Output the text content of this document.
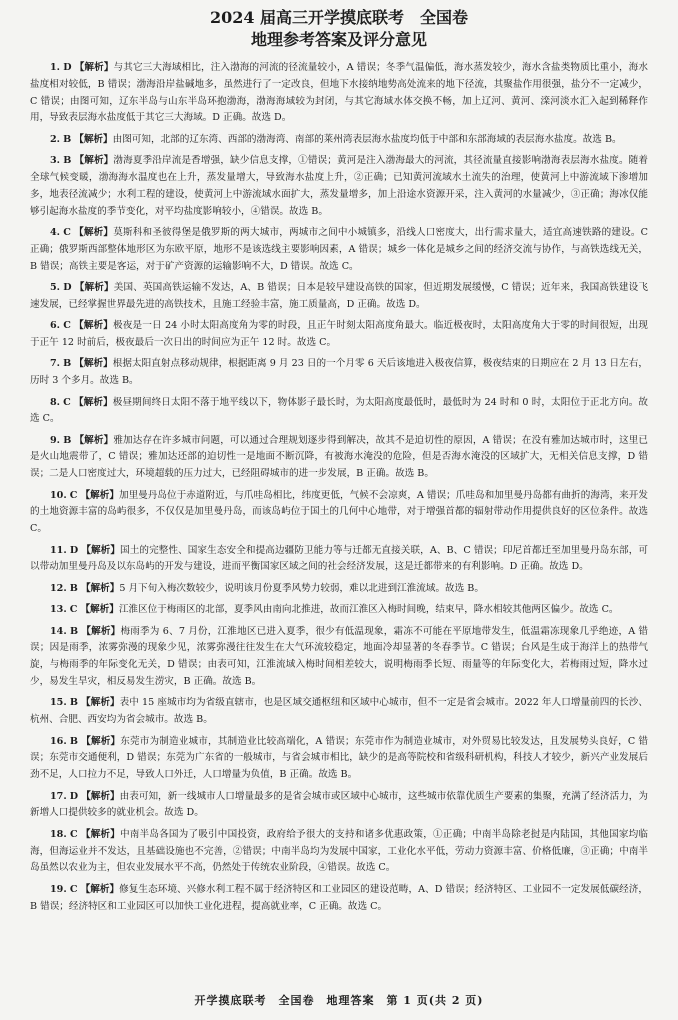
2024 届高三开学摸底联考　全国卷
地理参考答案及评分意见
1. D 【解析】与其它三大海域相比，注入渤海的河流的径流量较小，A 错误；冬季气温偏低，海水蒸发较少，海水含盐类物质比重小，海水盐度相对较低，B 错误；渤海沿岸盐碱地多，虽然进行了一定改良，但地下水接纳地势高处流来的地下径流，其聚盐作用很强，盐分不一定减少，C 错误；由图可知，辽东半岛与山东半岛环抱渤海，渤海海域较为封闭，与其它海域水体交换不畅，加上辽河、黄河、滦河淡水汇入起到稀释作用，导致表层海水盐度低于其它三大海域。D 正确。故选 D。
2. B 【解析】由图可知，北部的辽东湾、西部的渤海湾、南部的莱州湾表层海水盐度均低于中部和东部海域的表层海水盐度。故选 B。
3. B 【解析】渤海夏季沿岸流是香增强，缺少信息支撑，①错误；黄河是注入渤海最大的河流，其径流量直接影响渤海表层海水盐度。随着全球气候变暖，渤海海水温度也在上升，蒸发量增大，导致海水盐度上升，②正确；已知黄河流域水土流失的治理，使黄河上中游流域下渗增加多，地表径流减少；水利工程的建设，使黄河上中游流域水面扩大，蒸发量增多，加上沿途水资源开采，注入黄河的水量减少，③正确；海冰仅能够引起海水盐度的季节变化，对平均盐度影响较小，④错误。故选 B。
4. C 【解析】莫斯科和圣彼得堡是俄罗斯的两大城市，两城市之间中小城镇多，沿线人口密度大，出行需求量大，适宜高速铁路的建设。C 正确；俄罗斯西部整体地形区为东欧平原，地形不是该选线主要影响因素，A 错误；城乡一体化是城乡之间的经济交流与协作，与高铁选线无关，B 错误；高铁主要是客运，对于矿产资源的运输影响不大，D 错误。故选 C。
5. D 【解析】美国、英国高铁运输不发达，A、B 错误；日本是较早建设高铁的国家，但近期发展缓慢，C 错误；近年来，我国高铁建设飞速发展，已经掌握世界最先进的高铁技术，且施工经验丰富，施工质量高，D 正确。故选 D。
6. C 【解析】极夜是一日 24 小时太阳高度角为零的时段，且正午时刻太阳高度角最大。临近极夜时，太阳高度角大于零的时间很短，出现于正午 12 时前后，极夜最后一次日出的时间应为正午 12 时。故选 C。
7. B 【解析】根据太阳直射点移动规律，根据距离 9 月 23 日的一个月零 6 天后该地进入极夜信算，极夜结束的日期应在 2 月 13 日左右，历时 3 个多月。故选 B。
8. C 【解析】极昼期间终日太阳不落于地平线以下，物体影子最长时，为太阳高度最低时，最低时为 24 时和 0 时，太阳位于正北方向。故选 C。
9. B 【解析】雅加达存在许多城市问题，可以通过合理规划逐步得到解决，故其不是迫切性的原因，A 错误；在没有雅加达城市时，这里已是火山地震带了，C 错误；雅加达还部的迫切性一是地面不断沉降，有被海水淹没的危险，但是否海水淹没的区域扩大，无相关信息支撑，D 错误；二是人口密度过大，环境超载的压力过大，已经阻碍城市的进一步发展，B 正确。故选 B。
10. C 【解析】加里曼丹岛位于赤道附近，与爪哇岛相比，纬度更低，气候不会凉爽，A 错误；爪哇岛和加里曼丹岛都有曲折的海湾，来开发的土地资源丰富的岛屿很多，不仅仅是加里曼丹岛，而该岛屿位于国土的几何中心地带，对于增强首都的辐射带动作用提供良好的区位条件。故选 C。
11. D 【解析】国土的完整性、国家生态安全和提高边疆防卫能力等与迁都无直接关联，A、B、C 错误；印尼首都迁至加里曼丹岛东部，可以带动加里曼丹岛及以东岛屿的开发与建设，进而平衡国家区域之间的社会经济发展，这是迁都带来的有利影响。D 正确。故选 D。
12. B 【解析】5 月下旬入梅次数较少，说明该月份夏季风势力较弱，难以北进到江淮流域。故选 B。
13. C 【解析】江淮区位于梅雨区的北部，夏季风由南向北推进，故而江淮区入梅时间晚，结束早，降水相较其他两区偏少。故选 C。
14. B 【解析】梅雨季为 6、7 月份，江淮地区已进入夏季，很少有低温现象，霜冻不可能在平原地带发生，低温霜冻现象几乎绝迹，A 错误；因是雨季，浓雾弥漫的现象少见，浓雾弥漫往往发生在大气环流较稳定，地面冷却显著的冬春季节。C 错误；台风是生成于海洋上的热带气旋，与梅雨季的年际变化无关，D 错误；由表可知，江淮流域入梅时间相差较大，说明梅雨季长短、雨量等的年际变化大，若梅雨过短，降水过少，易发生旱灾，相反易发生涝灾，B 正确。故选 B。
15. B 【解析】表中 15 座城市均为省级直辖市，也是区域交通枢纽和区域中心城市，但不一定是省会城市。2022 年人口增量前四的长沙、杭州、合肥、西安均为省会城市。故选 B。
16. B 【解析】东莞市为制造业城市，其制造业比较高端化，A 错误；东莞市作为制造业城市，对外贸易比较发达，且发展势头良好，C 错误；东莞市交通便利，D 错误；东莞为广东省的一般城市，与省会城市相比，缺少的是高等院校和省级科研机构，科技人才较少，新兴产业发展后劲不足，人口拉力不足，导致人口外迁，人口增量为负值，B 正确。故选 B。
17. D 【解析】由表可知，新一线城市人口增量最多的是省会城市或区域中心城市，这些城市依靠优质生产要素的集聚，充满了经济活力，为新增人口提供较多的就业机会。故选 D。
18. C 【解析】中南半岛各国为了吸引中国投资，政府给予很大的支持和诸多优惠政策，①正确；中南半岛除老挝是内陆国，其他国家均临海，但海运业并不发达，且基础设施也不完善，②错误；中南半岛均为发展中国家，工业化水平低，劳动力资源丰富、价格低廉，③正确；中南半岛虽然以农业为主，但农业发展水平不高，仍然处于传统农业阶段，④错误。故选 C。
19. C 【解析】修复生态环境、兴修水利工程不属于经济特区和工业园区的建设范畴，A、D 错误；经济特区、工业园不一定发展低碳经济，B 错误；经济特区和工业园区可以加快工业化进程，提高就业率，C 正确。故选 C。
开学摸底联考　全国卷　地理答案　第 1 页(共 2 页)
